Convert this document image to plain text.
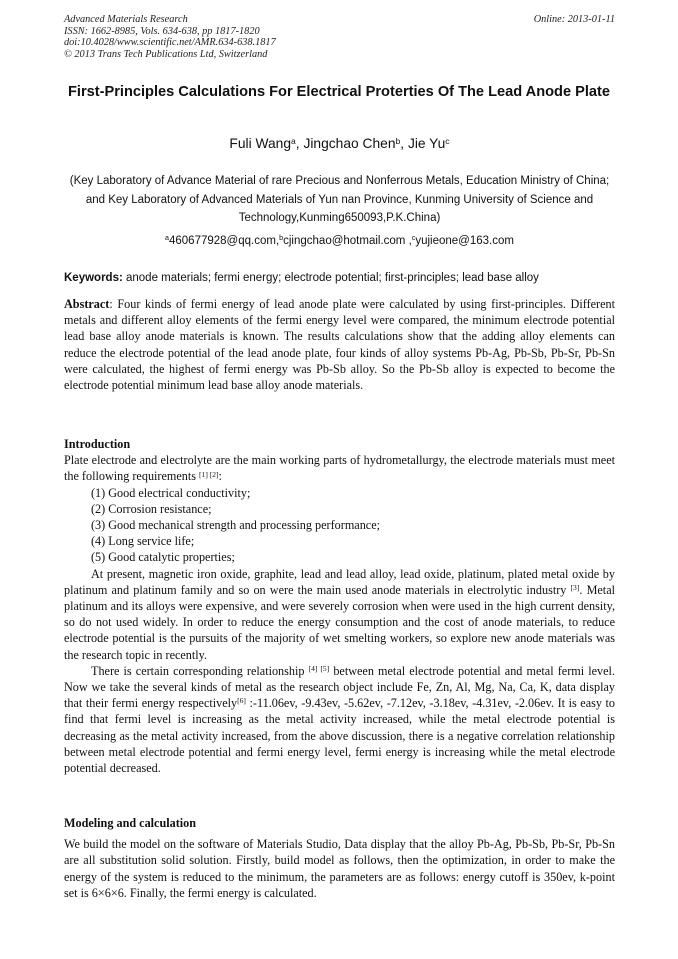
Advanced Materials Research
ISSN: 1662-8985, Vols. 634-638, pp 1817-1820
doi:10.4028/www.scientific.net/AMR.634-638.1817
© 2013 Trans Tech Publications Ltd, Switzerland
Online: 2013-01-11
First-Principles Calculations For Electrical Proterties Of The Lead Anode Plate
Fuli Wang$^a$, Jingchao Chen$^b$, Jie Yu$^c$
(Key Laboratory of Advance Material of rare Precious and Nonferrous Metals, Education Ministry of China; and Key Laboratory of Advanced Materials of Yun nan Province, Kunming University of Science and Technology,Kunming650093,P.K.China)
$^a$460677928@qq.com,$^b$cjingchao@hotmail.com ,$^c$yujieone@163.com
Keywords: anode materials; fermi energy; electrode potential; first-principles; lead base alloy
Abstract: Four kinds of fermi energy of lead anode plate were calculated by using first-principles. Different metals and different alloy elements of the fermi energy level were compared, the minimum electrode potential lead base alloy anode materials is known. The results calculations show that the adding alloy elements can reduce the electrode potential of the lead anode plate, four kinds of alloy systems Pb-Ag, Pb-Sb, Pb-Sr, Pb-Sn were calculated, the highest of fermi energy was Pb-Sb alloy. So the Pb-Sb alloy is expected to become the electrode potential minimum lead base alloy anode materials.
Introduction
Plate electrode and electrolyte are the main working parts of hydrometallurgy, the electrode materials must meet the following requirements [1] [2]:
(1) Good electrical conductivity;
(2) Corrosion resistance;
(3) Good mechanical strength and processing performance;
(4) Long service life;
(5) Good catalytic properties;
At present, magnetic iron oxide, graphite, lead and lead alloy, lead oxide, platinum, plated metal oxide by platinum and platinum family and so on were the main used anode materials in electrolytic industry [3]. Metal platinum and its alloys were expensive, and were severely corrosion when were used in the high current density, so do not used widely. In order to reduce the energy consumption and the cost of anode materials, to reduce electrode potential is the pursuits of the majority of wet smelting workers, so explore new anode materials was the research topic in recently.
There is certain corresponding relationship [4] [5] between metal electrode potential and metal fermi level. Now we take the several kinds of metal as the research object include Fe, Zn, Al, Mg, Na, Ca, K, data display that their fermi energy respectively[6] :-11.06ev, -9.43ev, -5.62ev, -7.12ev, -3.18ev, -4.31ev, -2.06ev. It is easy to find that fermi level is increasing as the metal activity increased, while the metal electrode potential is decreasing as the metal activity increased, from the above discussion, there is a negative correlation relationship between metal electrode potential and fermi energy level, fermi energy is increasing while the metal electrode potential decreased.
Modeling and calculation
We build the model on the software of Materials Studio, Data display that the alloy Pb-Ag, Pb-Sb, Pb-Sr, Pb-Sn are all substitution solid solution. Firstly, build model as follows, then the optimization, in order to make the energy of the system is reduced to the minimum, the parameters are as follows: energy cutoff is 350ev, k-point set is 6×6×6. Finally, the fermi energy is calculated.
